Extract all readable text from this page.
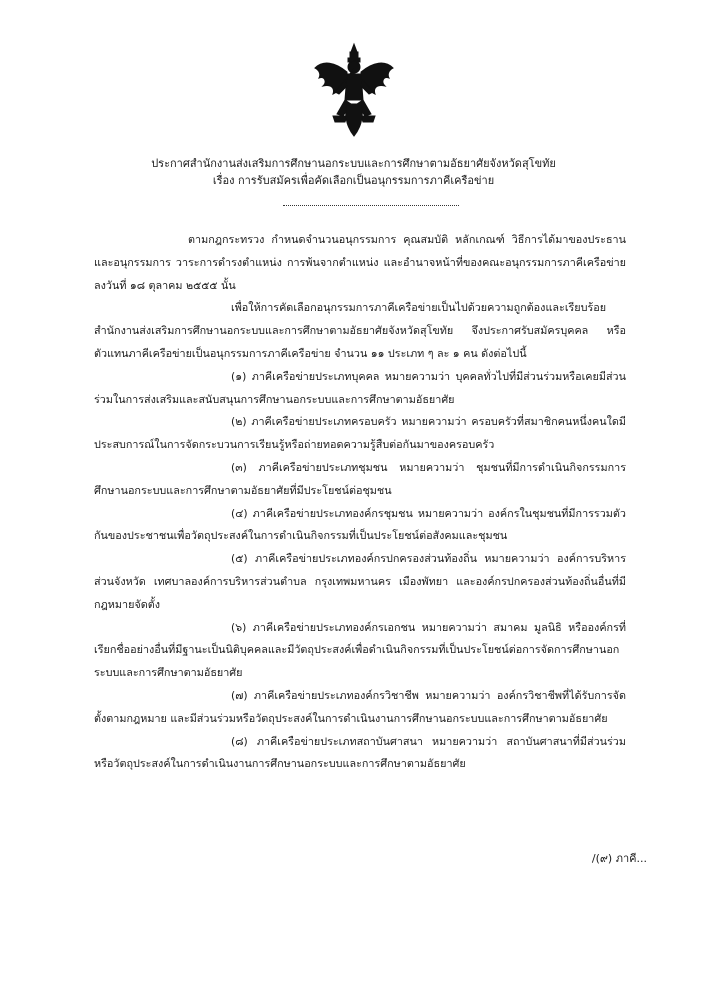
ประกาศสำนักงานส่งเสริมการศึกษานอกระบบและการศึกษาตามอัธยาศัยจังหวัดสุโขทัย
เรื่อง การรับสมัครเพื่อคัดเลือกเป็นอนุกรรมการภาคีเครือข่าย

ตามกฎกระทรวง กำหนดจำนวนอนุกรรมการ คุณสมบัติ หลักเกณฑ์ วิธีการได้มาของประธาน และอนุกรรมการ วาระการดำรงตำแหน่ง การพ้นจากตำแหน่ง และอำนาจหน้าที่ของคณะอนุกรรมการภาคีเครือข่าย ลงวันที่ ๑๘ ตุลาคม ๒๕๕๕ นั้น

เพื่อให้การคัดเลือกอนุกรรมการภาคีเครือข่ายเป็นไปด้วยความถูกต้องและเรียบร้อย สำนักงานส่งเสริมการศึกษานอกระบบและการศึกษาตามอัธยาศัยจังหวัดสุโขทัย จึงประกาศรับสมัครบุคคล หรือตัวแทนภาคีเครือข่ายเป็นอนุกรรมการภาคีเครือข่าย จำนวน ๑๑ ประเภท ๆ ละ ๑ คน ดังต่อไปนี้

(๑) ภาคีเครือข่ายประเภทบุคคล หมายความว่า บุคคลทั่วไปที่มีส่วนร่วมหรือเคยมีส่วนร่วมในการส่งเสริมและสนับสนุนการศึกษานอกระบบและการศึกษาตามอัธยาศัย

(๒) ภาคีเครือข่ายประเภทครอบครัว หมายความว่า ครอบครัวที่สมาชิกคนหนึ่งคนใดมีประสบการณ์ในการจัดกระบวนการเรียนรู้หรือถ่ายทอดความรู้สืบต่อกันมาของครอบครัว

(๓) ภาคีเครือข่ายประเภทชุมชน หมายความว่า ชุมชนที่มีการดำเนินกิจกรรมการศึกษานอกระบบและการศึกษาตามอัธยาศัยที่มีประโยชน์ต่อชุมชน

(๔) ภาคีเครือข่ายประเภทองค์กรชุมชน หมายความว่า องค์กรในชุมชนที่มีการรวมตัวกันของประชาชนเพื่อวัตถุประสงค์ในการดำเนินกิจกรรมที่เป็นประโยชน์ต่อสังคมและชุมชน

(๕) ภาคีเครือข่ายประเภทองค์กรปกครองส่วนท้องถิ่น หมายความว่า องค์การบริหารส่วนจังหวัด เทศบาลองค์การบริหารส่วนตำบล กรุงเทพมหานคร เมืองพัทยา และองค์กรปกครองส่วนท้องถิ่นอื่นที่มีกฎหมายจัดตั้ง

(๖) ภาคีเครือข่ายประเภทองค์กรเอกชน หมายความว่า สมาคม มูลนิธิ หรือองค์กรที่เรียกชื่ออย่างอื่นที่มีฐานะเป็นนิติบุคคลและมีวัตถุประสงค์เพื่อดำเนินกิจกรรมที่เป็นประโยชน์ต่อการจัดการศึกษานอกระบบและการศึกษาตามอัธยาศัย

(๗) ภาคีเครือข่ายประเภทองค์กรวิชาชีพ หมายความว่า องค์กรวิชาชีพที่ได้รับการจัดตั้งตามกฎหมาย และมีส่วนร่วมหรือวัตถุประสงค์ในการดำเนินงานการศึกษานอกระบบและการศึกษาตามอัธยาศัย

(๘) ภาคีเครือข่ายประเภทสถาบันศาสนา หมายความว่า สถาบันศาสนาที่มีส่วนร่วมหรือวัตถุประสงค์ในการดำเนินงานการศึกษานอกระบบและการศึกษาตามอัธยาศัย

/(๙) ภาคี...
